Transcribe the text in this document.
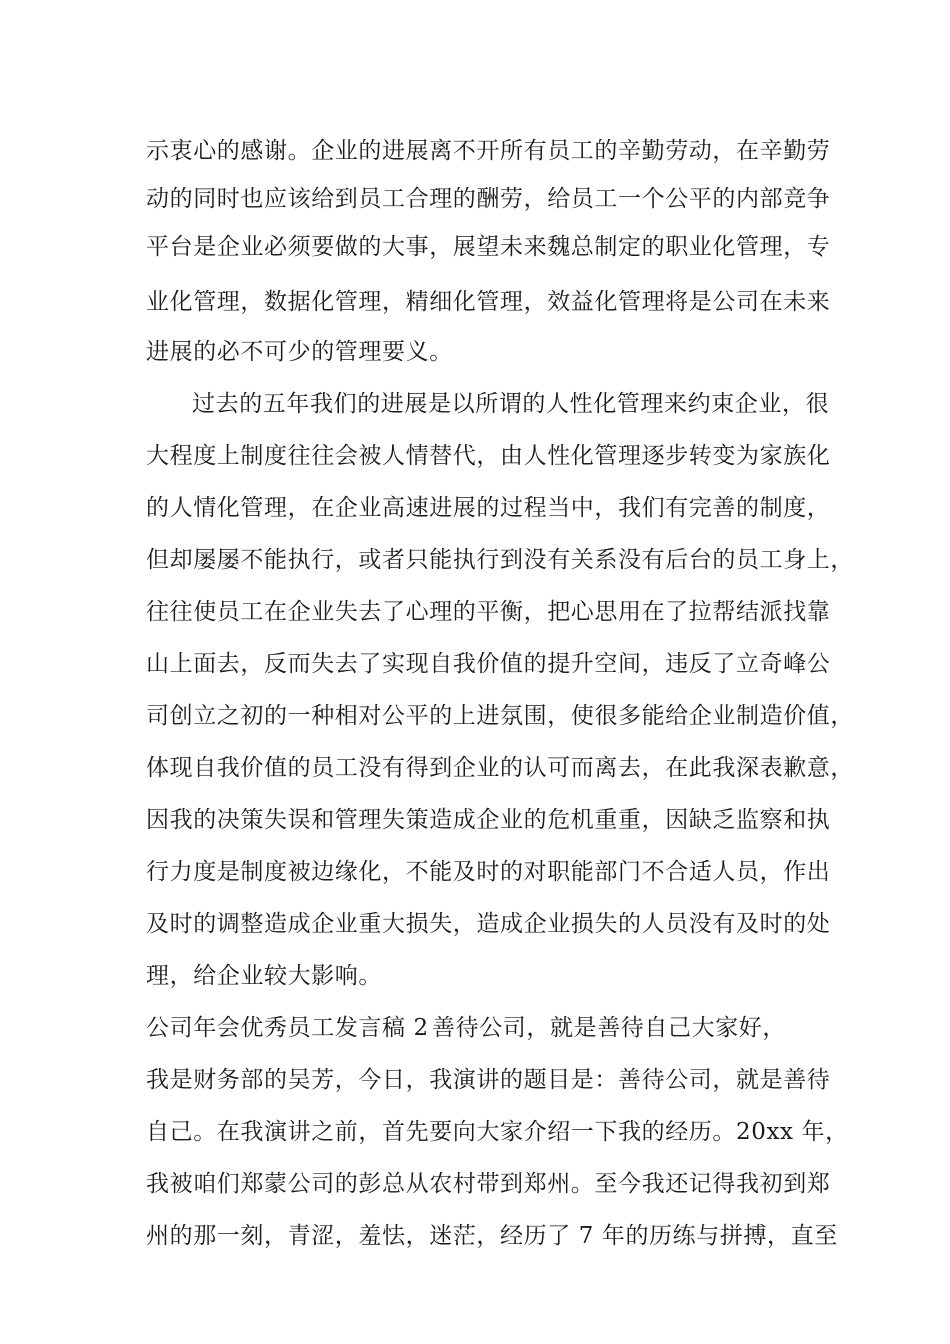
示衷心的感谢。企业的进展离不开所有员工的辛勤劳动，在辛勤劳
动的同时也应该给到员工合理的酬劳，给员工一个公平的内部竞争
平台是企业必须要做的大事，展望未来魏总制定的职业化管理，专
业化管理，数据化管理，精细化管理，效益化管理将是公司在未来
进展的必不可少的管理要义。
过去的五年我们的进展是以所谓的人性化管理来约束企业，很
大程度上制度往往会被人情替代，由人性化管理逐步转变为家族化
的人情化管理，在企业高速进展的过程当中，我们有完善的制度，
但却屡屡不能执行，或者只能执行到没有关系没有后台的员工身上，
往往使员工在企业失去了心理的平衡，把心思用在了拉帮结派找靠
山上面去，反而失去了实现自我价值的提升空间，违反了立奇峰公
司创立之初的一种相对公平的上进氛围，使很多能给企业制造价值，
体现自我价值的员工没有得到企业的认可而离去，在此我深表歉意，
因我的决策失误和管理失策造成企业的危机重重，因缺乏监察和执
行力度是制度被边缘化，不能及时的对职能部门不合适人员，作出
及时的调整造成企业重大损失，造成企业损失的人员没有及时的处
理，给企业较大影响。
公司年会优秀员工发言稿 2 善待公司，就是善待自己大家好，
我是财务部的吴芳，今日，我演讲的题目是：善待公司，就是善待
自己。在我演讲之前，首先要向大家介绍一下我的经历。20xx 年，
我被咱们郑蒙公司的彭总从农村带到郑州。至今我还记得我初到郑
州的那一刻，青涩，羞怯，迷茫，经历了 7 年的历练与拼搏，直至
